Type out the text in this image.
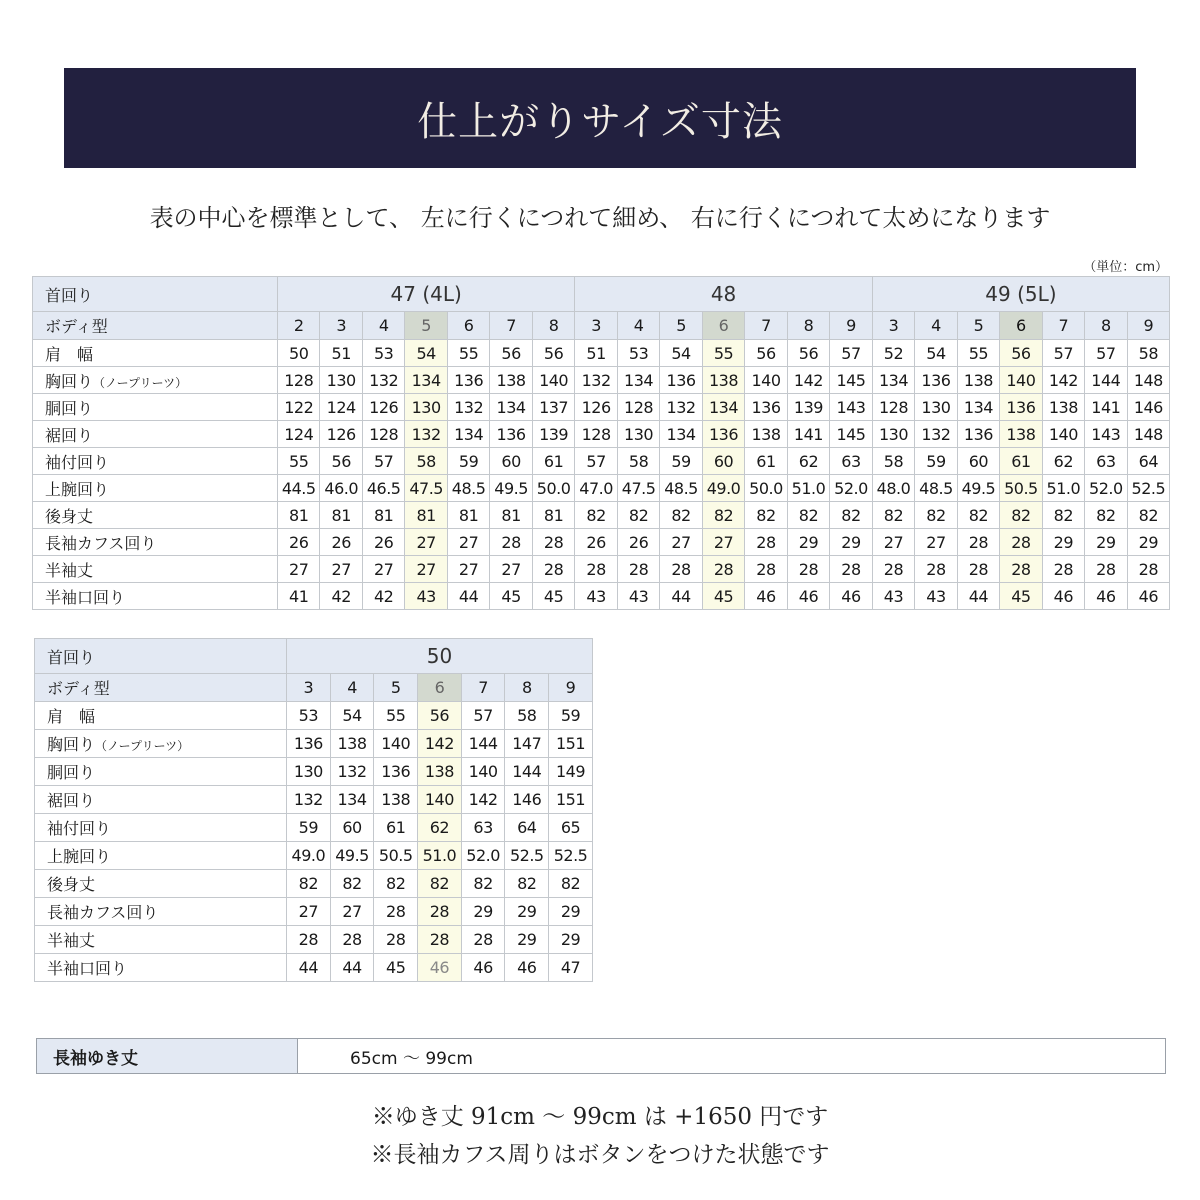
仕上がりサイズ寸法
表の中心を標準として、 左に行くにつれて細め、 右に行くにつれて太めになります
（単位：cm）
首回り	47 (4L)							48							49 (5L)						
ボディ型	2	3	4	5	6	7	8	3	4	5	6	7	8	9	3	4	5	6	7	8	9
肩　幅	50	51	53	54	55	56	56	51	53	54	55	56	56	57	52	54	55	56	57	57	58
胸回り（ノープリーツ）	128	130	132	134	136	138	140	132	134	136	138	140	142	145	134	136	138	140	142	144	148
胴回り	122	124	126	130	132	134	137	126	128	132	134	136	139	143	128	130	134	136	138	141	146
裾回り	124	126	128	132	134	136	139	128	130	134	136	138	141	145	130	132	136	138	140	143	148
袖付回り	55	56	57	58	59	60	61	57	58	59	60	61	62	63	58	59	60	61	62	63	64
上腕回り	44.5	46.0	46.5	47.5	48.5	49.5	50.0	47.0	47.5	48.5	49.0	50.0	51.0	52.0	48.0	48.5	49.5	50.5	51.0	52.0	52.5
後身丈	81	81	81	81	81	81	81	82	82	82	82	82	82	82	82	82	82	82	82	82	82
長袖カフス回り	26	26	26	27	27	28	28	26	26	27	27	28	29	29	27	27	28	28	29	29	29
半袖丈	27	27	27	27	27	27	28	28	28	28	28	28	28	28	28	28	28	28	28	28	28
半袖口回り	41	42	42	43	44	45	45	43	43	44	45	46	46	46	43	43	44	45	46	46	46
首回り	50						
ボディ型	3	4	5	6	7	8	9
肩　幅	53	54	55	56	57	58	59
胸回り（ノープリーツ）	136	138	140	142	144	147	151
胴回り	130	132	136	138	140	144	149
裾回り	132	134	138	140	142	146	151
袖付回り	59	60	61	62	63	64	65
上腕回り	49.0	49.5	50.5	51.0	52.0	52.5	52.5
後身丈	82	82	82	82	82	82	82
長袖カフス回り	27	27	28	28	29	29	29
半袖丈	28	28	28	28	28	29	29
半袖口回り	44	44	45	46	46	46	47
長袖ゆき丈	65cm 〜 99cm
※ゆき丈 91cm 〜 99cm は +1650 円です
※長袖カフス周りはボタンをつけた状態です
